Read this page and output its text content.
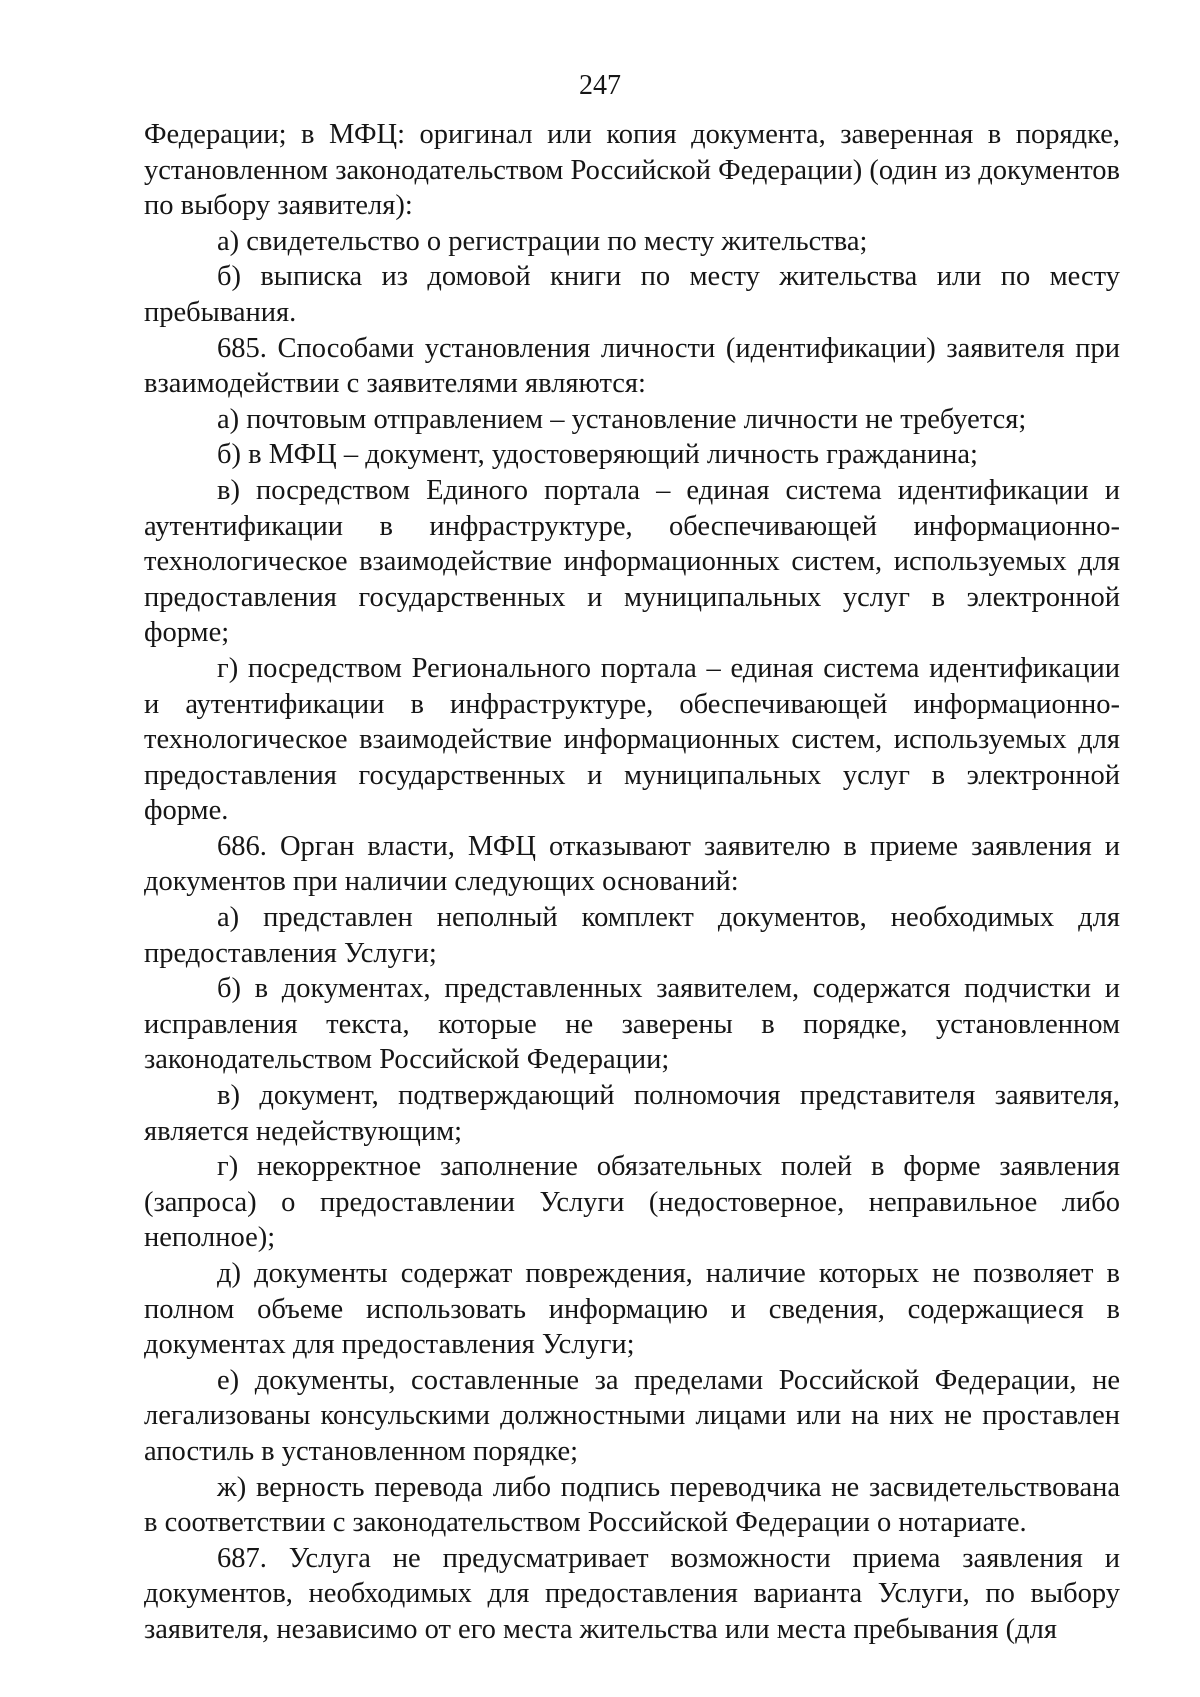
247

Федерации; в МФЦ: оригинал или копия документа, заверенная в порядке, установленном законодательством Российской Федерации) (один из документов по выбору заявителя):

а) свидетельство о регистрации по месту жительства;

б) выписка из домовой книги по месту жительства или по месту пребывания.

685. Способами установления личности (идентификации) заявителя при взаимодействии с заявителями являются:

а) почтовым отправлением – установление личности не требуется;

б) в МФЦ – документ, удостоверяющий личность гражданина;

в) посредством Единого портала – единая система идентификации и аутентификации в инфраструктуре, обеспечивающей информационно-технологическое взаимодействие информационных систем, используемых для предоставления государственных и муниципальных услуг в электронной форме;

г) посредством Регионального портала – единая система идентификации и аутентификации в инфраструктуре, обеспечивающей информационно-технологическое взаимодействие информационных систем, используемых для предоставления государственных и муниципальных услуг в электронной форме.

686. Орган власти, МФЦ отказывают заявителю в приеме заявления и документов при наличии следующих оснований:

а) представлен неполный комплект документов, необходимых для предоставления Услуги;

б) в документах, представленных заявителем, содержатся подчистки и исправления текста, которые не заверены в порядке, установленном законодательством Российской Федерации;

в) документ, подтверждающий полномочия представителя заявителя, является недействующим;

г) некорректное заполнение обязательных полей в форме заявления (запроса) о предоставлении Услуги (недостоверное, неправильное либо неполное);

д) документы содержат повреждения, наличие которых не позволяет в полном объеме использовать информацию и сведения, содержащиеся в документах для предоставления Услуги;

е) документы, составленные за пределами Российской Федерации, не легализованы консульскими должностными лицами или на них не проставлен апостиль в установленном порядке;

ж) верность перевода либо подпись переводчика не засвидетельствована в соответствии с законодательством Российской Федерации о нотариате.

687. Услуга не предусматривает возможности приема заявления и документов, необходимых для предоставления варианта Услуги, по выбору заявителя, независимо от его места жительства или места пребывания (для
